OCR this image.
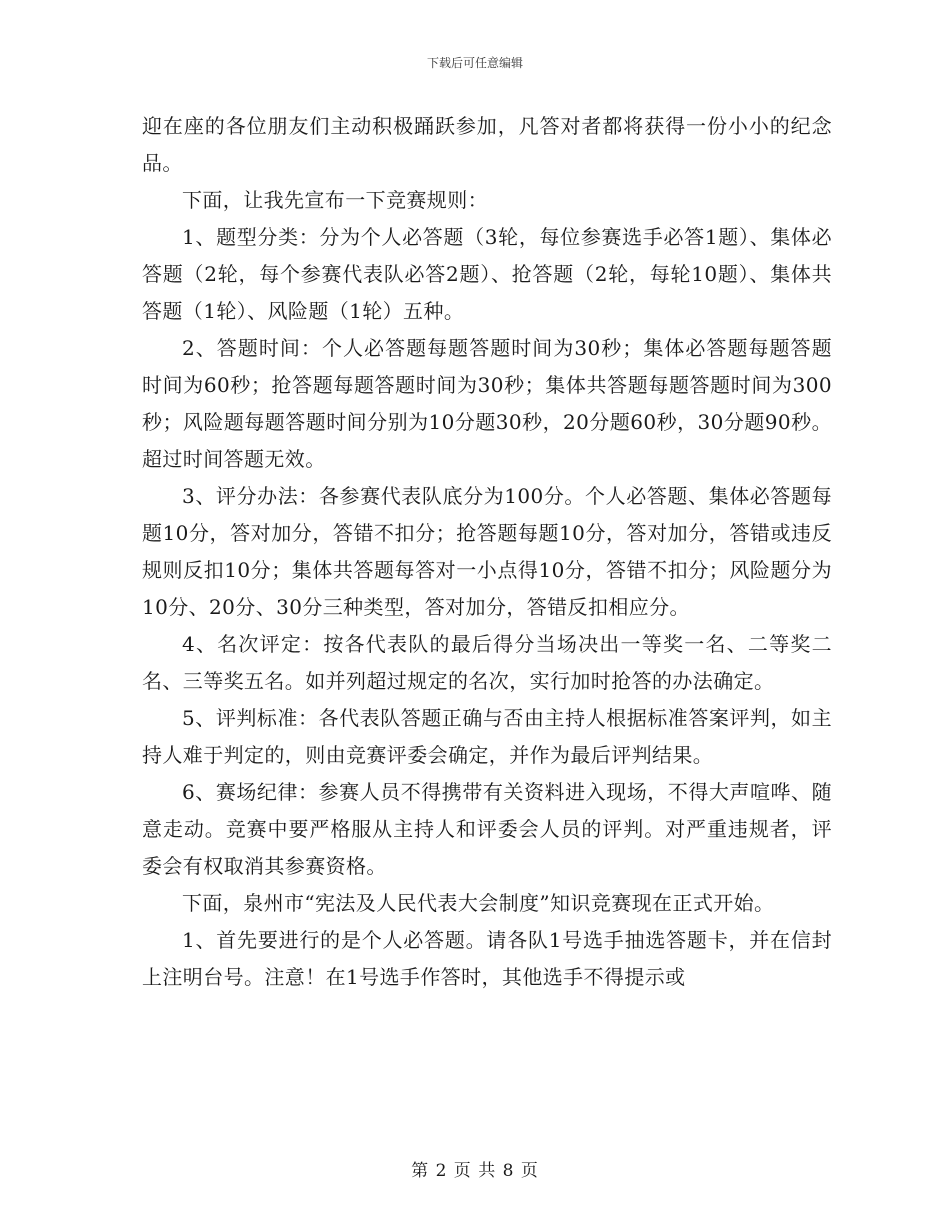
下载后可任意编辑

迎在座的各位朋友们主动积极踊跃参加，凡答对者都将获得一份小小的纪念品。

下面，让我先宣布一下竞赛规则：

1、题型分类：分为个人必答题（3轮，每位参赛选手必答1题）、集体必答题（2轮，每个参赛代表队必答2题）、抢答题（2轮，每轮10题）、集体共答题（1轮）、风险题（1轮）五种。

2、答题时间：个人必答题每题答题时间为30秒；集体必答题每题答题时间为60秒；抢答题每题答题时间为30秒；集体共答题每题答题时间为300秒；风险题每题答题时间分别为10分题30秒，20分题60秒，30分题90秒。超过时间答题无效。

3、评分办法：各参赛代表队底分为100分。个人必答题、集体必答题每题10分，答对加分，答错不扣分；抢答题每题10分，答对加分，答错或违反规则反扣10分；集体共答题每答对一小点得10分，答错不扣分；风险题分为10分、20分、30分三种类型，答对加分，答错反扣相应分。

4、名次评定：按各代表队的最后得分当场决出一等奖一名、二等奖二名、三等奖五名。如并列超过规定的名次，实行加时抢答的办法确定。

5、评判标准：各代表队答题正确与否由主持人根据标准答案评判，如主持人难于判定的，则由竞赛评委会确定，并作为最后评判结果。

6、赛场纪律：参赛人员不得携带有关资料进入现场，不得大声喧哗、随意走动。竞赛中要严格服从主持人和评委会人员的评判。对严重违规者，评委会有权取消其参赛资格。

下面，泉州市“宪法及人民代表大会制度”知识竞赛现在正式开始。

1、首先要进行的是个人必答题。请各队1号选手抽选答题卡，并在信封上注明台号。注意！在1号选手作答时，其他选手不得提示或

第 2 页 共 8 页
